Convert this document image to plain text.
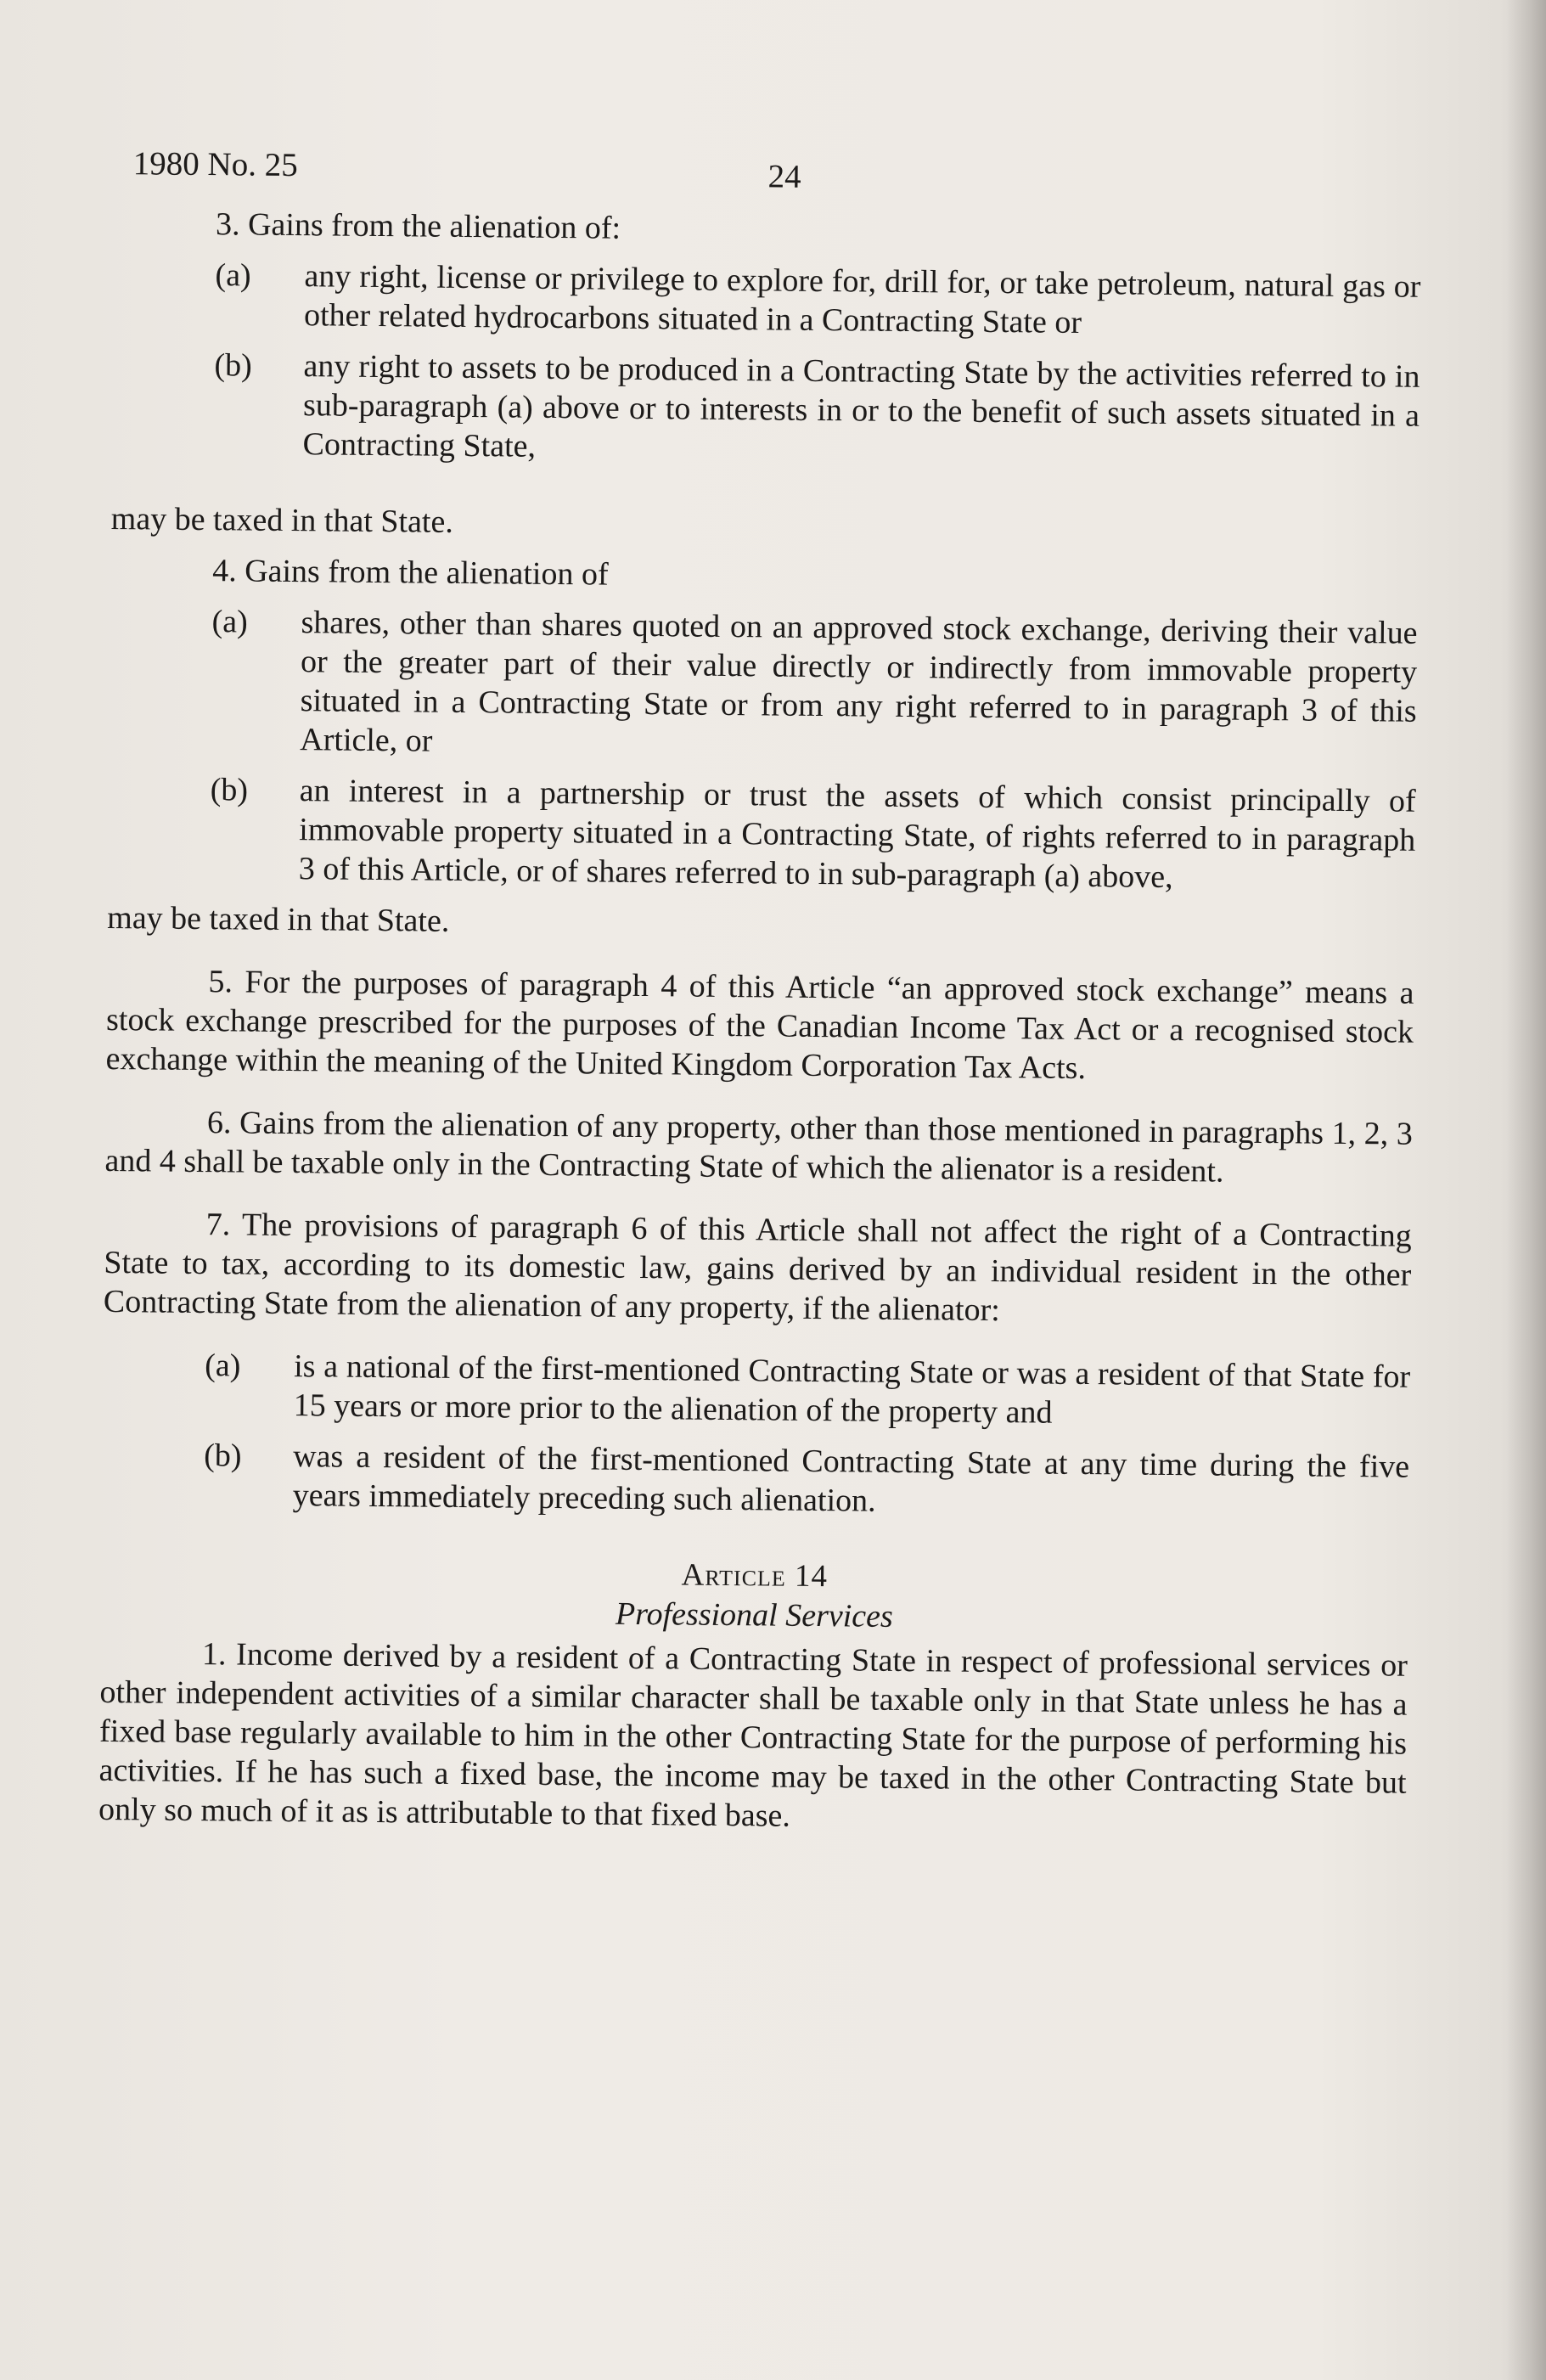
1980 No. 25	24

3. Gains from the alienation of:

(a)	any right, license or privilege to explore for, drill for, or take petroleum, natural gas or other related hydrocarbons situated in a Contracting State or
(b)	any right to assets to be produced in a Contracting State by the activities referred to in sub-paragraph (a) above or to interests in or to the benefit of such assets situated in a Contracting State,

may be taxed in that State.

4. Gains from the alienation of

(a)	shares, other than shares quoted on an approved stock exchange, deriving their value or the greater part of their value directly or indirectly from immovable property situated in a Contracting State or from any right referred to in paragraph 3 of this Article, or
(b)	an interest in a partnership or trust the assets of which consist principally of immovable property situated in a Contracting State, of rights referred to in paragraph 3 of this Article, or of shares referred to in sub-paragraph (a) above,

may be taxed in that State.

5. For the purposes of paragraph 4 of this Article “an approved stock exchange” means a stock exchange prescribed for the purposes of the Canadian Income Tax Act or a recognised stock exchange within the meaning of the United Kingdom Corporation Tax Acts.

6. Gains from the alienation of any property, other than those mentioned in paragraphs 1, 2, 3 and 4 shall be taxable only in the Contracting State of which the alienator is a resident.

7. The provisions of paragraph 6 of this Article shall not affect the right of a Contracting State to tax, according to its domestic law, gains derived by an individual resident in the other Contracting State from the alienation of any property, if the alienator:

(a)	is a national of the first-mentioned Contracting State or was a resident of that State for 15 years or more prior to the alienation of the property and
(b)	was a resident of the first-mentioned Contracting State at any time during the five years immediately preceding such alienation.

Article 14

Professional Services

1. Income derived by a resident of a Contracting State in respect of professional services or other independent activities of a similar character shall be taxable only in that State unless he has a fixed base regularly available to him in the other Contracting State for the purpose of performing his activities. If he has such a fixed base, the income may be taxed in the other Contracting State but only so much of it as is attributable to that fixed base.
